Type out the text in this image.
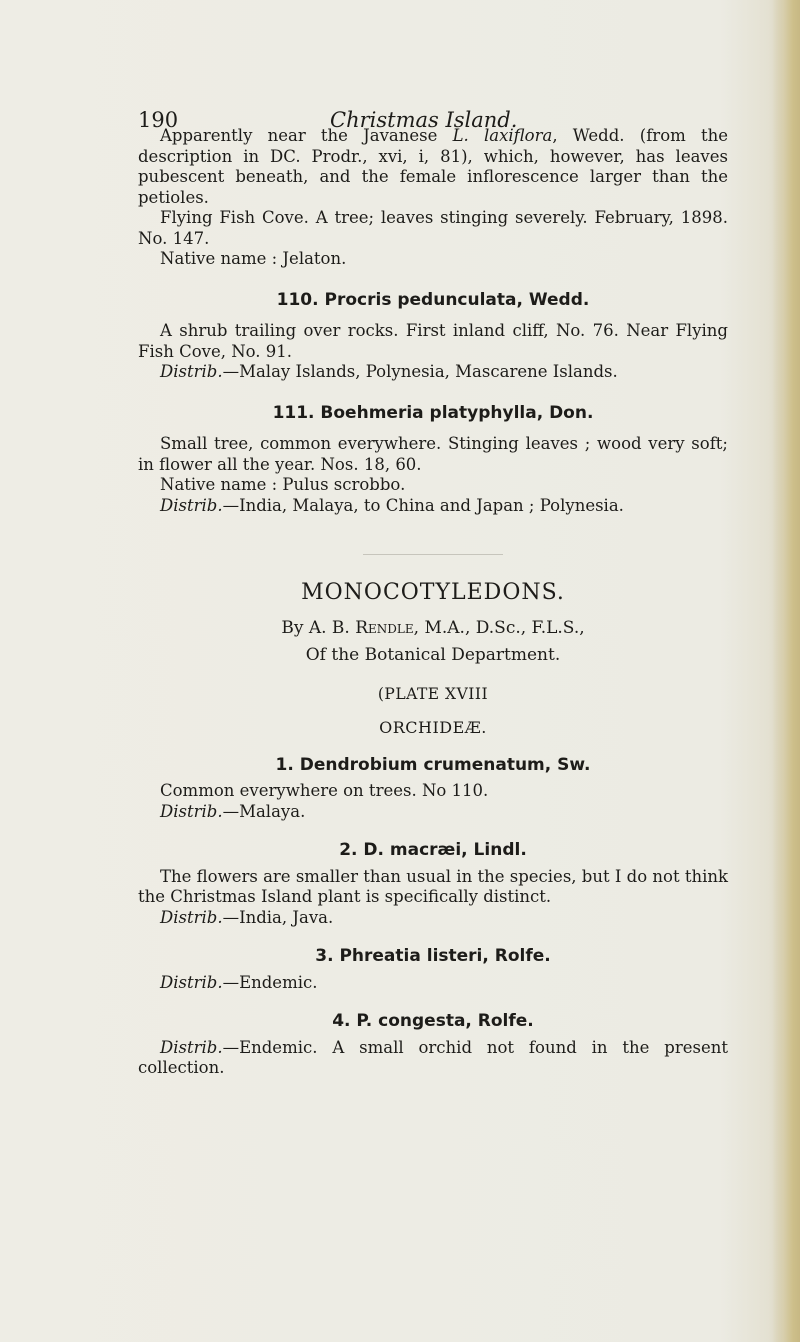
190	Christmas Island.

Apparently near the Javanese L. laxiflora, Wedd. (from the description in DC. Prodr., xvi, i, 81), which, however, has leaves pubescent beneath, and the female inflorescence larger than the petioles.

Flying Fish Cove. A tree; leaves stinging severely. February, 1898. No. 147.

Native name : Jelaton.

110. Procris pedunculata, Wedd.

A shrub trailing over rocks. First inland cliff, No. 76. Near Flying Fish Cove, No. 91.

Distrib.—Malay Islands, Polynesia, Mascarene Islands.

111. Boehmeria platyphylla, Don.

Small tree, common everywhere. Stinging leaves ; wood very soft; in flower all the year. Nos. 18, 60.

Native name : Pulus scrobbo.

Distrib.—India, Malaya, to China and Japan ; Polynesia.

MONOCOTYLEDONS.

By A. B. Rendle, M.A., D.Sc., F.L.S.,

Of the Botanical Department.

(PLATE XVIII

ORCHIDEÆ.

1. Dendrobium crumenatum, Sw.

Common everywhere on trees. No 110.

Distrib.—Malaya.

2. D. macræi, Lindl.

The flowers are smaller than usual in the species, but I do not think the Christmas Island plant is specifically distinct.

Distrib.—India, Java.

3. Phreatia listeri, Rolfe.

Distrib.—Endemic.

4. P. congesta, Rolfe.

Distrib.—Endemic. A small orchid not found in the present collection.
